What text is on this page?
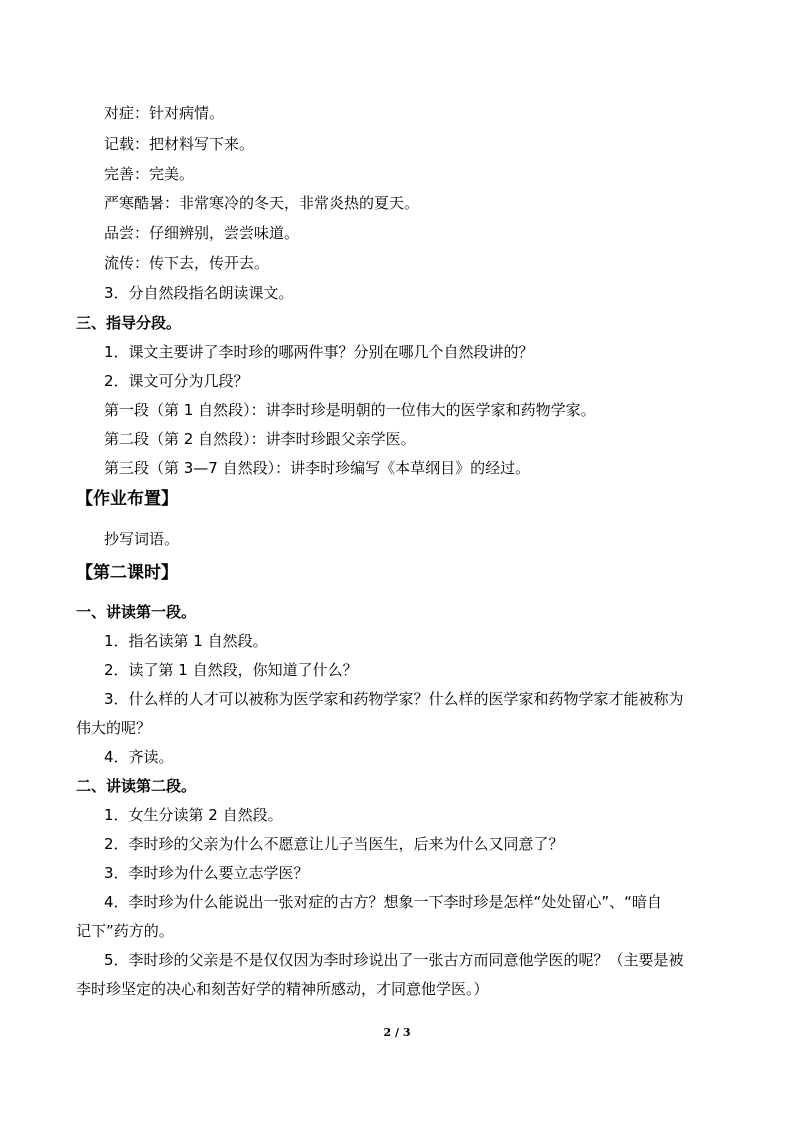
对症：针对病情。
记载：把材料写下来。
完善：完美。
严寒酷暑：非常寒冷的冬天，非常炎热的夏天。
品尝：仔细辨别，尝尝味道。
流传：传下去，传开去。
3．分自然段指名朗读课文。
三、指导分段。
1．课文主要讲了李时珍的哪两件事？分别在哪几个自然段讲的？
2．课文可分为几段？
第一段（第 1 自然段）：讲李时珍是明朝的一位伟大的医学家和药物学家。
第二段（第 2 自然段）：讲李时珍跟父亲学医。
第三段（第 3—7 自然段）：讲李时珍编写《本草纲目》的经过。
【作业布置】
抄写词语。
【第二课时】
一、讲读第一段。
1．指名读第 1 自然段。
2．读了第 1 自然段，你知道了什么？
3．什么样的人才可以被称为医学家和药物学家？什么样的医学家和药物学家才能被称为
伟大的呢？
4．齐读。
二、讲读第二段。
1．女生分读第 2 自然段。
2．李时珍的父亲为什么不愿意让儿子当医生，后来为什么又同意了？
3．李时珍为什么要立志学医？
4．李时珍为什么能说出一张对症的古方？想象一下李时珍是怎样“处处留心”、“暗自
记下”药方的。
5．李时珍的父亲是不是仅仅因为李时珍说出了一张古方而同意他学医的呢？（主要是被
李时珍坚定的决心和刻苦好学的精神所感动，才同意他学医。）
2 / 3
